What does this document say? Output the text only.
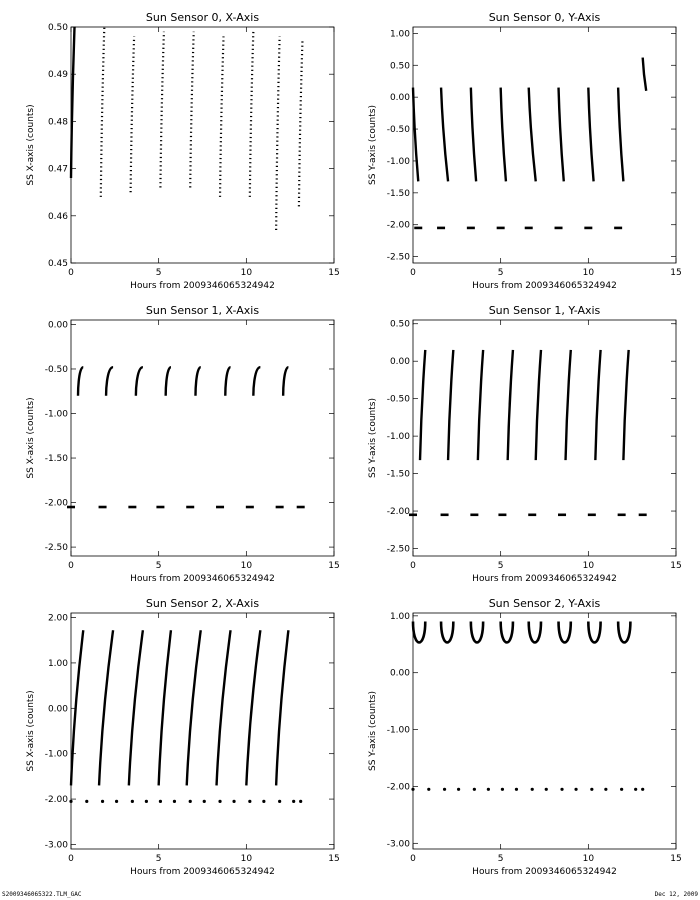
Sun Sensor 0, X-Axis
0	5	10	15
0.45
0.46
0.47
0.48
0.49
0.50
Hours from 2009346065324942
SS X-axis (counts)
Sun Sensor 0, Y-Axis
0	5	10	15
-2.50
-2.00
-1.50
-1.00
-0.50
0.00
0.50
1.00
Hours from 2009346065324942
SS Y-axis (counts)
Sun Sensor 1, X-Axis
0	5	10	15
-2.50
-2.00
-1.50
-1.00
-0.50
0.00
Hours from 2009346065324942
SS X-axis (counts)
Sun Sensor 1, Y-Axis
0	5	10	15
-2.50
-2.00
-1.50
-1.00
-0.50
0.00
0.50
Hours from 2009346065324942
SS Y-axis (counts)
Sun Sensor 2, X-Axis
0	5	10	15
-3.00
-2.00
-1.00
0.00
1.00
2.00
Hours from 2009346065324942
SS X-axis (counts)
Sun Sensor 2, Y-Axis
0	5	10	15
-3.00
-2.00
-1.00
0.00
1.00
Hours from 2009346065324942
SS Y-axis (counts)
S2009346065322.TLM_GAC	Dec 12, 2009
